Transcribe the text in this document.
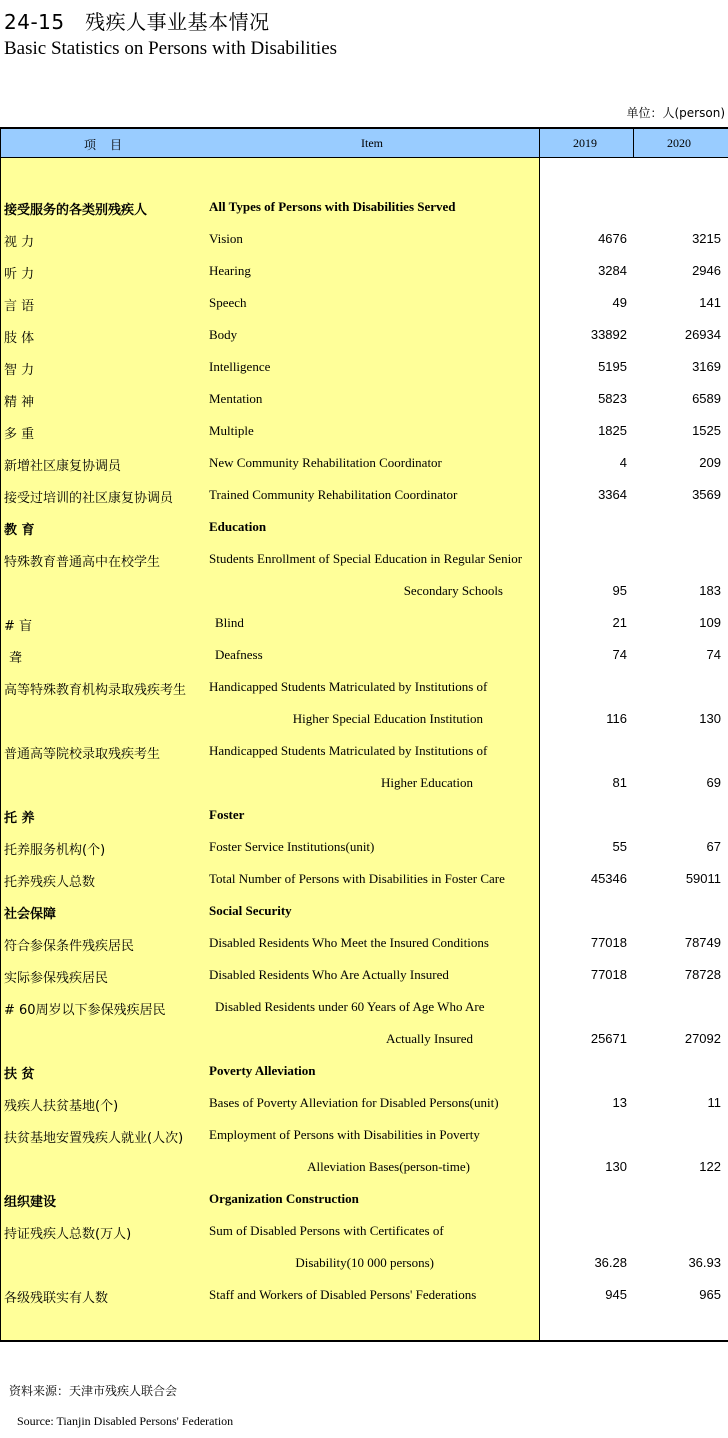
24-15　残疾人事业基本情况
Basic Statistics on Persons with Disabilities
单位：人(person)
项目	Item	2019	2020
接受服务的各类别残疾人	All Types of Persons with Disabilities Served
视 力	Vision	4676	3215
听 力	Hearing	3284	2946
言 语	Speech	49	141
肢 体	Body	33892	26934
智 力	Intelligence	5195	3169
精 神	Mentation	5823	6589
多 重	Multiple	1825	1525
新增社区康复协调员	New Community Rehabilitation Coordinator	4	209
接受过培训的社区康复协调员	Trained Community Rehabilitation Coordinator	3364	3569
教 育	Education
特殊教育普通高中在校学生	Students Enrollment of Special Education in Regular Senior
Secondary Schools	95	183
# 盲	Blind	21	109
聋	Deafness	74	74
高等特殊教育机构录取残疾考生 Handicapped Students Matriculated by Institutions of
Higher Special Education Institution	116	130
普通高等院校录取残疾考生	Handicapped Students Matriculated by Institutions of
Higher Education	81	69
托 养	Foster
托养服务机构(个)	Foster Service Institutions(unit)	55	67
托养残疾人总数	Total Number of Persons with Disabilities in Foster Care	45346	59011
社会保障	Social Security
符合参保条件残疾居民	Disabled Residents Who Meet the Insured Conditions	77018	78749
实际参保残疾居民	Disabled Residents Who Are Actually Insured	77018	78728
# 60周岁以下参保残疾居民	Disabled Residents under 60 Years of Age Who Are
Actually Insured	25671	27092
扶 贫	Poverty Alleviation
残疾人扶贫基地(个)	Bases of Poverty Alleviation for Disabled Persons(unit)	13	11
扶贫基地安置残疾人就业(人次) Employment of Persons with Disabilities in Poverty
Alleviation Bases(person-time)	130	122
组织建设	Organization Construction
持证残疾人总数(万人)	Sum of Disabled Persons with Certificates of
Disability(10 000 persons)	36.28	36.93
各级残联实有人数	Staff and Workers of Disabled Persons' Federations	945	965
资料来源：天津市残疾人联合会
Source: Tianjin Disabled Persons' Federation
